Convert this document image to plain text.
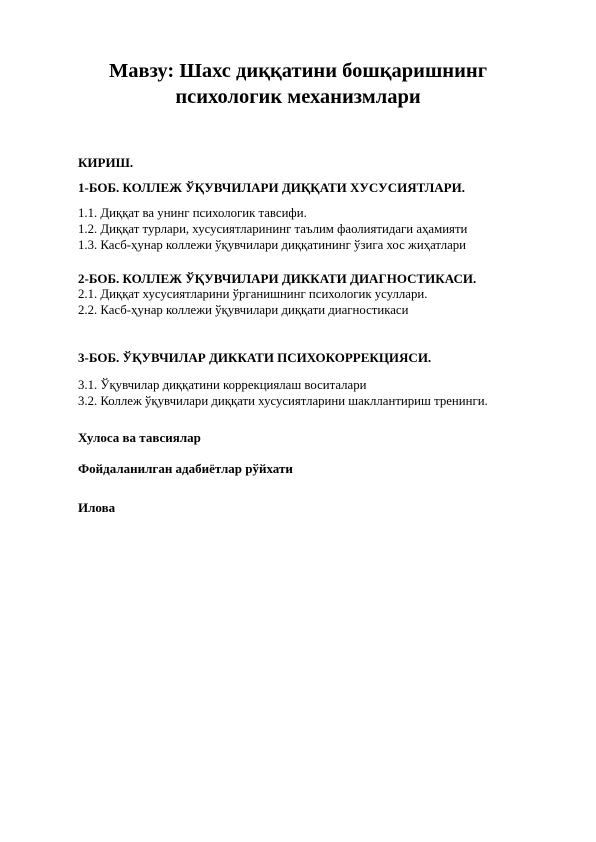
Мавзу: Шахс диққатини бошқаришнинг
психологик механизмлари
КИРИШ.
1-БОБ. КОЛЛЕЖ ЎҚУВЧИЛАРИ ДИҚҚАТИ ХУСУСИЯТЛАРИ.
1.1. Диққат ва унинг психологик тавсифи.
1.2. Диққат турлари, хусусиятларининг таълим фаолиятидаги аҳамияти
1.3. Касб-ҳунар коллежи ўқувчилари диққатининг ўзига хос жиҳатлари
2-БОБ. КОЛЛЕЖ ЎҚУВЧИЛАРИ ДИККАТИ ДИАГНОСТИКАСИ.
2.1. Диққат хусусиятларини ўрганишнинг психологик усуллари.
2.2. Касб-ҳунар коллежи ўқувчилари диққати диагностикаси
3-БОБ. ЎҚУВЧИЛАР ДИККАТИ ПСИХОКОРРЕКЦИЯСИ.
3.1. Ўқувчилар диққатини коррекциялаш воситалари
3.2. Коллеж ўқувчилари диққати хусусиятларини шакллантириш тренинги.
Хулоса ва тавсиялар
Фойдаланилган адабиётлар рўйхати
Илова
